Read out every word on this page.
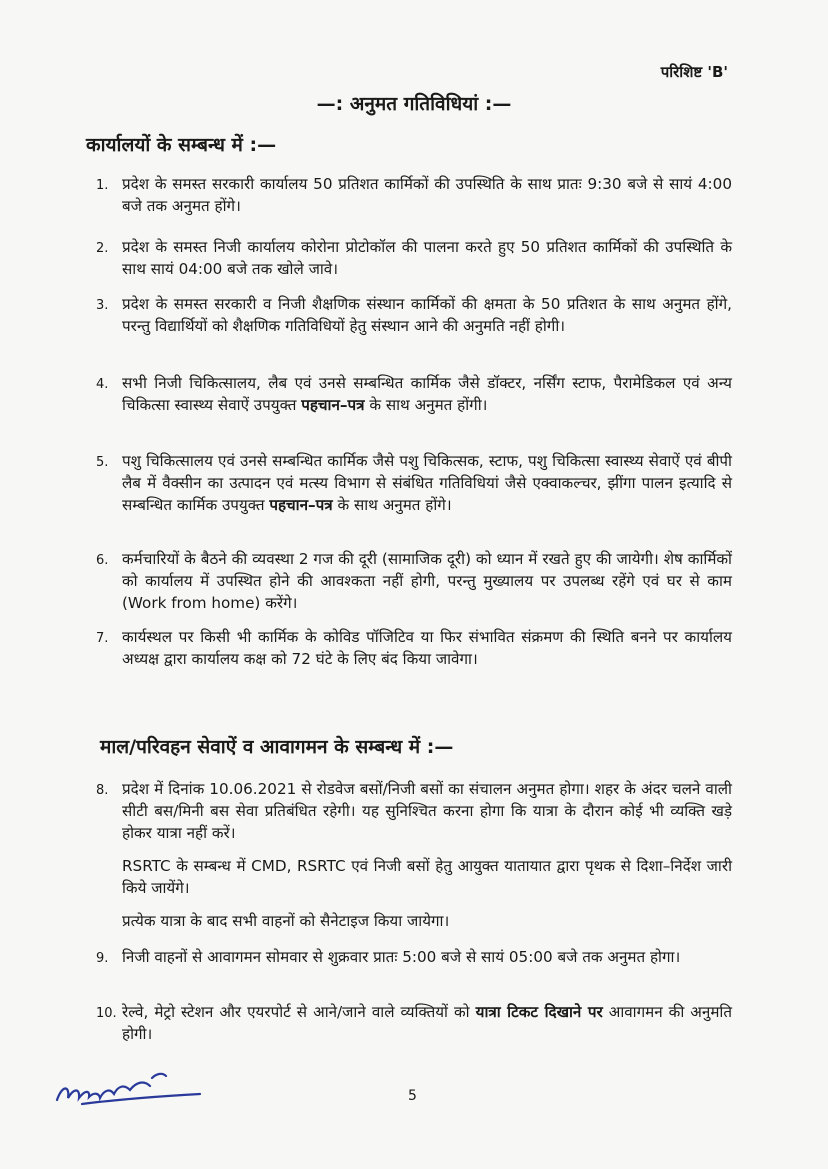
परिशिष्ट 'B'
—: अनुमत गतिविधियां :—
कार्यालयों के सम्बन्ध में :—
1. प्रदेश के समस्त सरकारी कार्यालय 50 प्रतिशत कार्मिकों की उपस्थिति के साथ प्रातः 9:30 बजे से सायं 4:00 बजे तक अनुमत होंगे।
2. प्रदेश के समस्त निजी कार्यालय कोरोना प्रोटोकॉल की पालना करते हुए 50 प्रतिशत कार्मिकों की उपस्थिति के साथ सायं 04:00 बजे तक खोले जावे।
3. प्रदेश के समस्त सरकारी व निजी शैक्षणिक संस्थान कार्मिकों की क्षमता के 50 प्रतिशत के साथ अनुमत होंगे, परन्तु विद्यार्थियों को शैक्षणिक गतिविधियों हेतु संस्थान आने की अनुमति नहीं होगी।
4. सभी निजी चिकित्सालय, लैब एवं उनसे सम्बन्धित कार्मिक जैसे डॉक्टर, नर्सिंग स्टाफ, पैरामेडिकल एवं अन्य चिकित्सा स्वास्थ्य सेवाऐं उपयुक्त पहचान–पत्र के साथ अनुमत होंगी।
5. पशु चिकित्सालय एवं उनसे सम्बन्धित कार्मिक जैसे पशु चिकित्सक, स्टाफ, पशु चिकित्सा स्वास्थ्य सेवाऐं एवं बीपी लैब में वैक्सीन का उत्पादन एवं मत्स्य विभाग से संबंधित गतिविधियां जैसे एक्वाकल्चर, झींगा पालन इत्यादि से सम्बन्धित कार्मिक उपयुक्त पहचान–पत्र के साथ अनुमत होंगे।
6. कर्मचारियों के बैठने की व्यवस्था 2 गज की दूरी (सामाजिक दूरी) को ध्यान में रखते हुए की जायेगी। शेष कार्मिकों को कार्यालय में उपस्थित होने की आवश्कता नहीं होगी, परन्तु मुख्यालय पर उपलब्ध रहेंगे एवं घर से काम (Work from home) करेंगे।
7. कार्यस्थल पर किसी भी कार्मिक के कोविड पॉजिटिव या फिर संभावित संक्रमण की स्थिति बनने पर कार्यालय अध्यक्ष द्वारा कार्यालय कक्ष को 72 घंटे के लिए बंद किया जावेगा।
माल/परिवहन सेवाऐं व आवागमन के सम्बन्ध में :—
8. प्रदेश में दिनांक 10.06.2021 से रोडवेज बसों/निजी बसों का संचालन अनुमत होगा। शहर के अंदर चलने वाली सीटी बस/मिनी बस सेवा प्रतिबंधित रहेगी। यह सुनिश्चित करना होगा कि यात्रा के दौरान कोई भी व्यक्ति खड़े होकर यात्रा नहीं करें।
RSRTC के सम्बन्ध में CMD, RSRTC एवं निजी बसों हेतु आयुक्त यातायात द्वारा पृथक से दिशा–निर्देश जारी किये जायेंगे।
प्रत्येक यात्रा के बाद सभी वाहनों को सैनेटाइज किया जायेगा।
9. निजी वाहनों से आवागमन सोमवार से शुक्रवार प्रातः 5:00 बजे से सायं 05:00 बजे तक अनुमत होगा।
10. रेल्वे, मेट्रो स्टेशन और एयरपोर्ट से आने/जाने वाले व्यक्तियों को यात्रा टिकट दिखाने पर आवागमन की अनुमति होगी।
5
